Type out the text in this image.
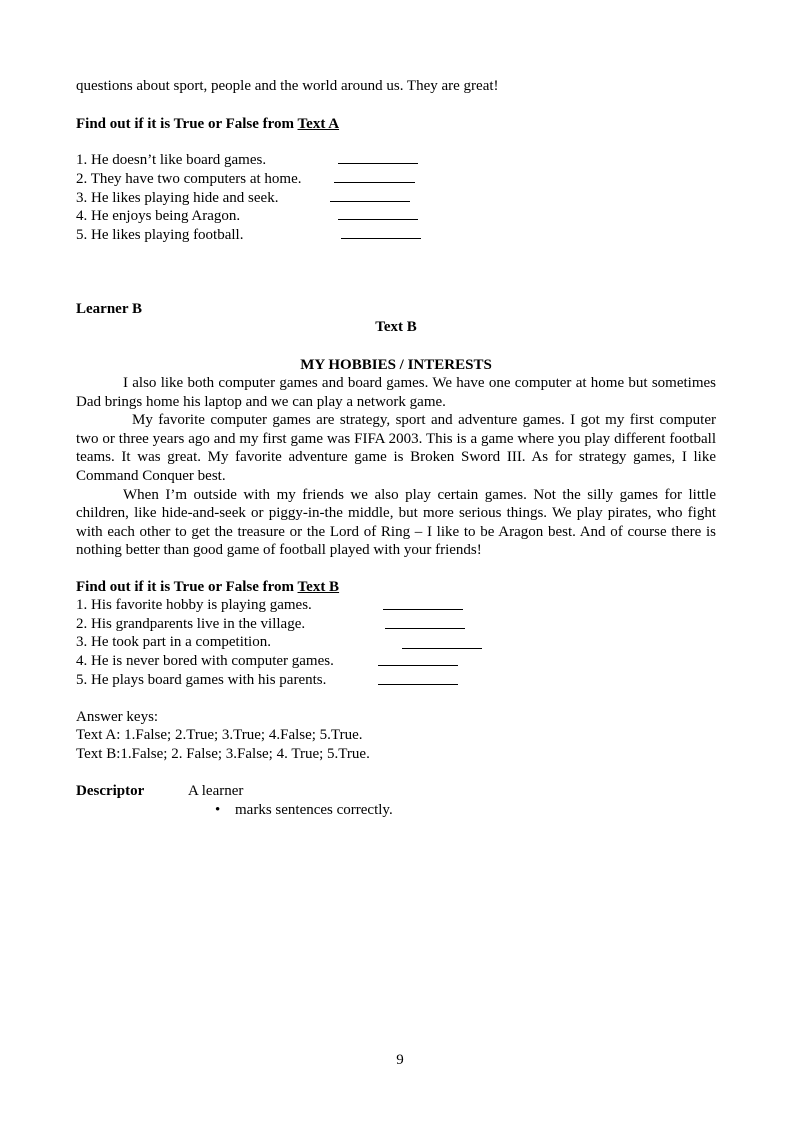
questions about sport, people and the world around us. They are great!
Find out if it is True or False from Text A
1. He doesn’t like board games.
2. They have two computers at home.
3. He likes playing hide and seek.
4. He enjoys being Aragon.
5. He likes playing football.
Learner B
Text B
MY HOBBIES / INTERESTS

I also like both computer games and board games. We have one computer at home but sometimes Dad brings home his laptop and we can play a network game.

My favorite computer games are strategy, sport and adventure games. I got my first computer two or three years ago and my first game was FIFA 2003. This is a game where you play different football teams. It was great. My favorite adventure game is Broken Sword III. As for strategy games, I like Command Conquer best.

When I’m outside with my friends we also play certain games. Not the silly games for little children, like hide-and-seek or piggy-in-the middle, but more serious things. We play pirates, who fight with each other to get the treasure or the Lord of Ring – I like to be Aragon best. And of course there is nothing better than good game of football played with your friends!

Find out if it is True or False from Text B
1. His favorite hobby is playing games.
2. His grandparents live in the village.
3. He took part in a competition.
4. He is never bored with computer games.
5. He plays board games with his parents.
Answer keys:
Text A: 1.False; 2.True; 3.True; 4.False; 5.True.
Text B:1.False; 2. False; 3.False; 4. True; 5.True.
Descriptor	A learner
• marks sentences correctly.
9
